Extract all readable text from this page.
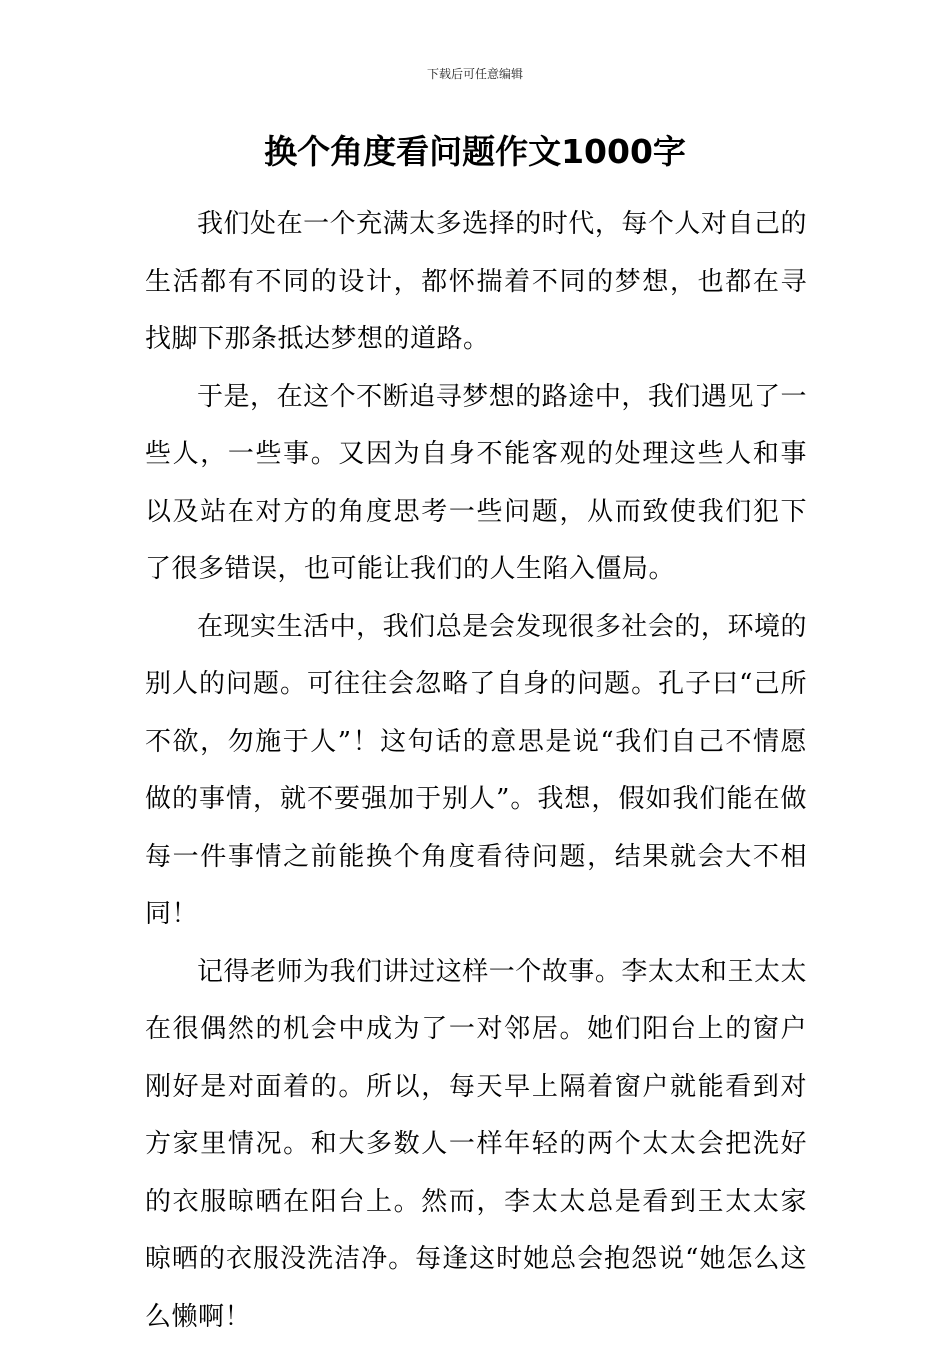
下载后可任意编辑
换个角度看问题作文1000字

我们处在一个充满太多选择的时代，每个人对自己的生活都有不同的设计，都怀揣着不同的梦想，也都在寻找脚下那条抵达梦想的道路。

于是，在这个不断追寻梦想的路途中，我们遇见了一些人，一些事。又因为自身不能客观的处理这些人和事以及站在对方的角度思考一些问题，从而致使我们犯下了很多错误，也可能让我们的人生陷入僵局。

在现实生活中，我们总是会发现很多社会的，环境的别人的问题。可往往会忽略了自身的问题。孔子曰“己所不欲，勿施于人”！这句话的意思是说“我们自己不情愿做的事情，就不要强加于别人”。我想，假如我们能在做每一件事情之前能换个角度看待问题，结果就会大不相同！

记得老师为我们讲过这样一个故事。李太太和王太太在很偶然的机会中成为了一对邻居。她们阳台上的窗户刚好是对面着的。所以，每天早上隔着窗户就能看到对方家里情况。和大多数人一样年轻的两个太太会把洗好的衣服晾晒在阳台上。然而，李太太总是看到王太太家晾晒的衣服没洗洁净。每逢这时她总会抱怨说“她怎么这么懒啊！
